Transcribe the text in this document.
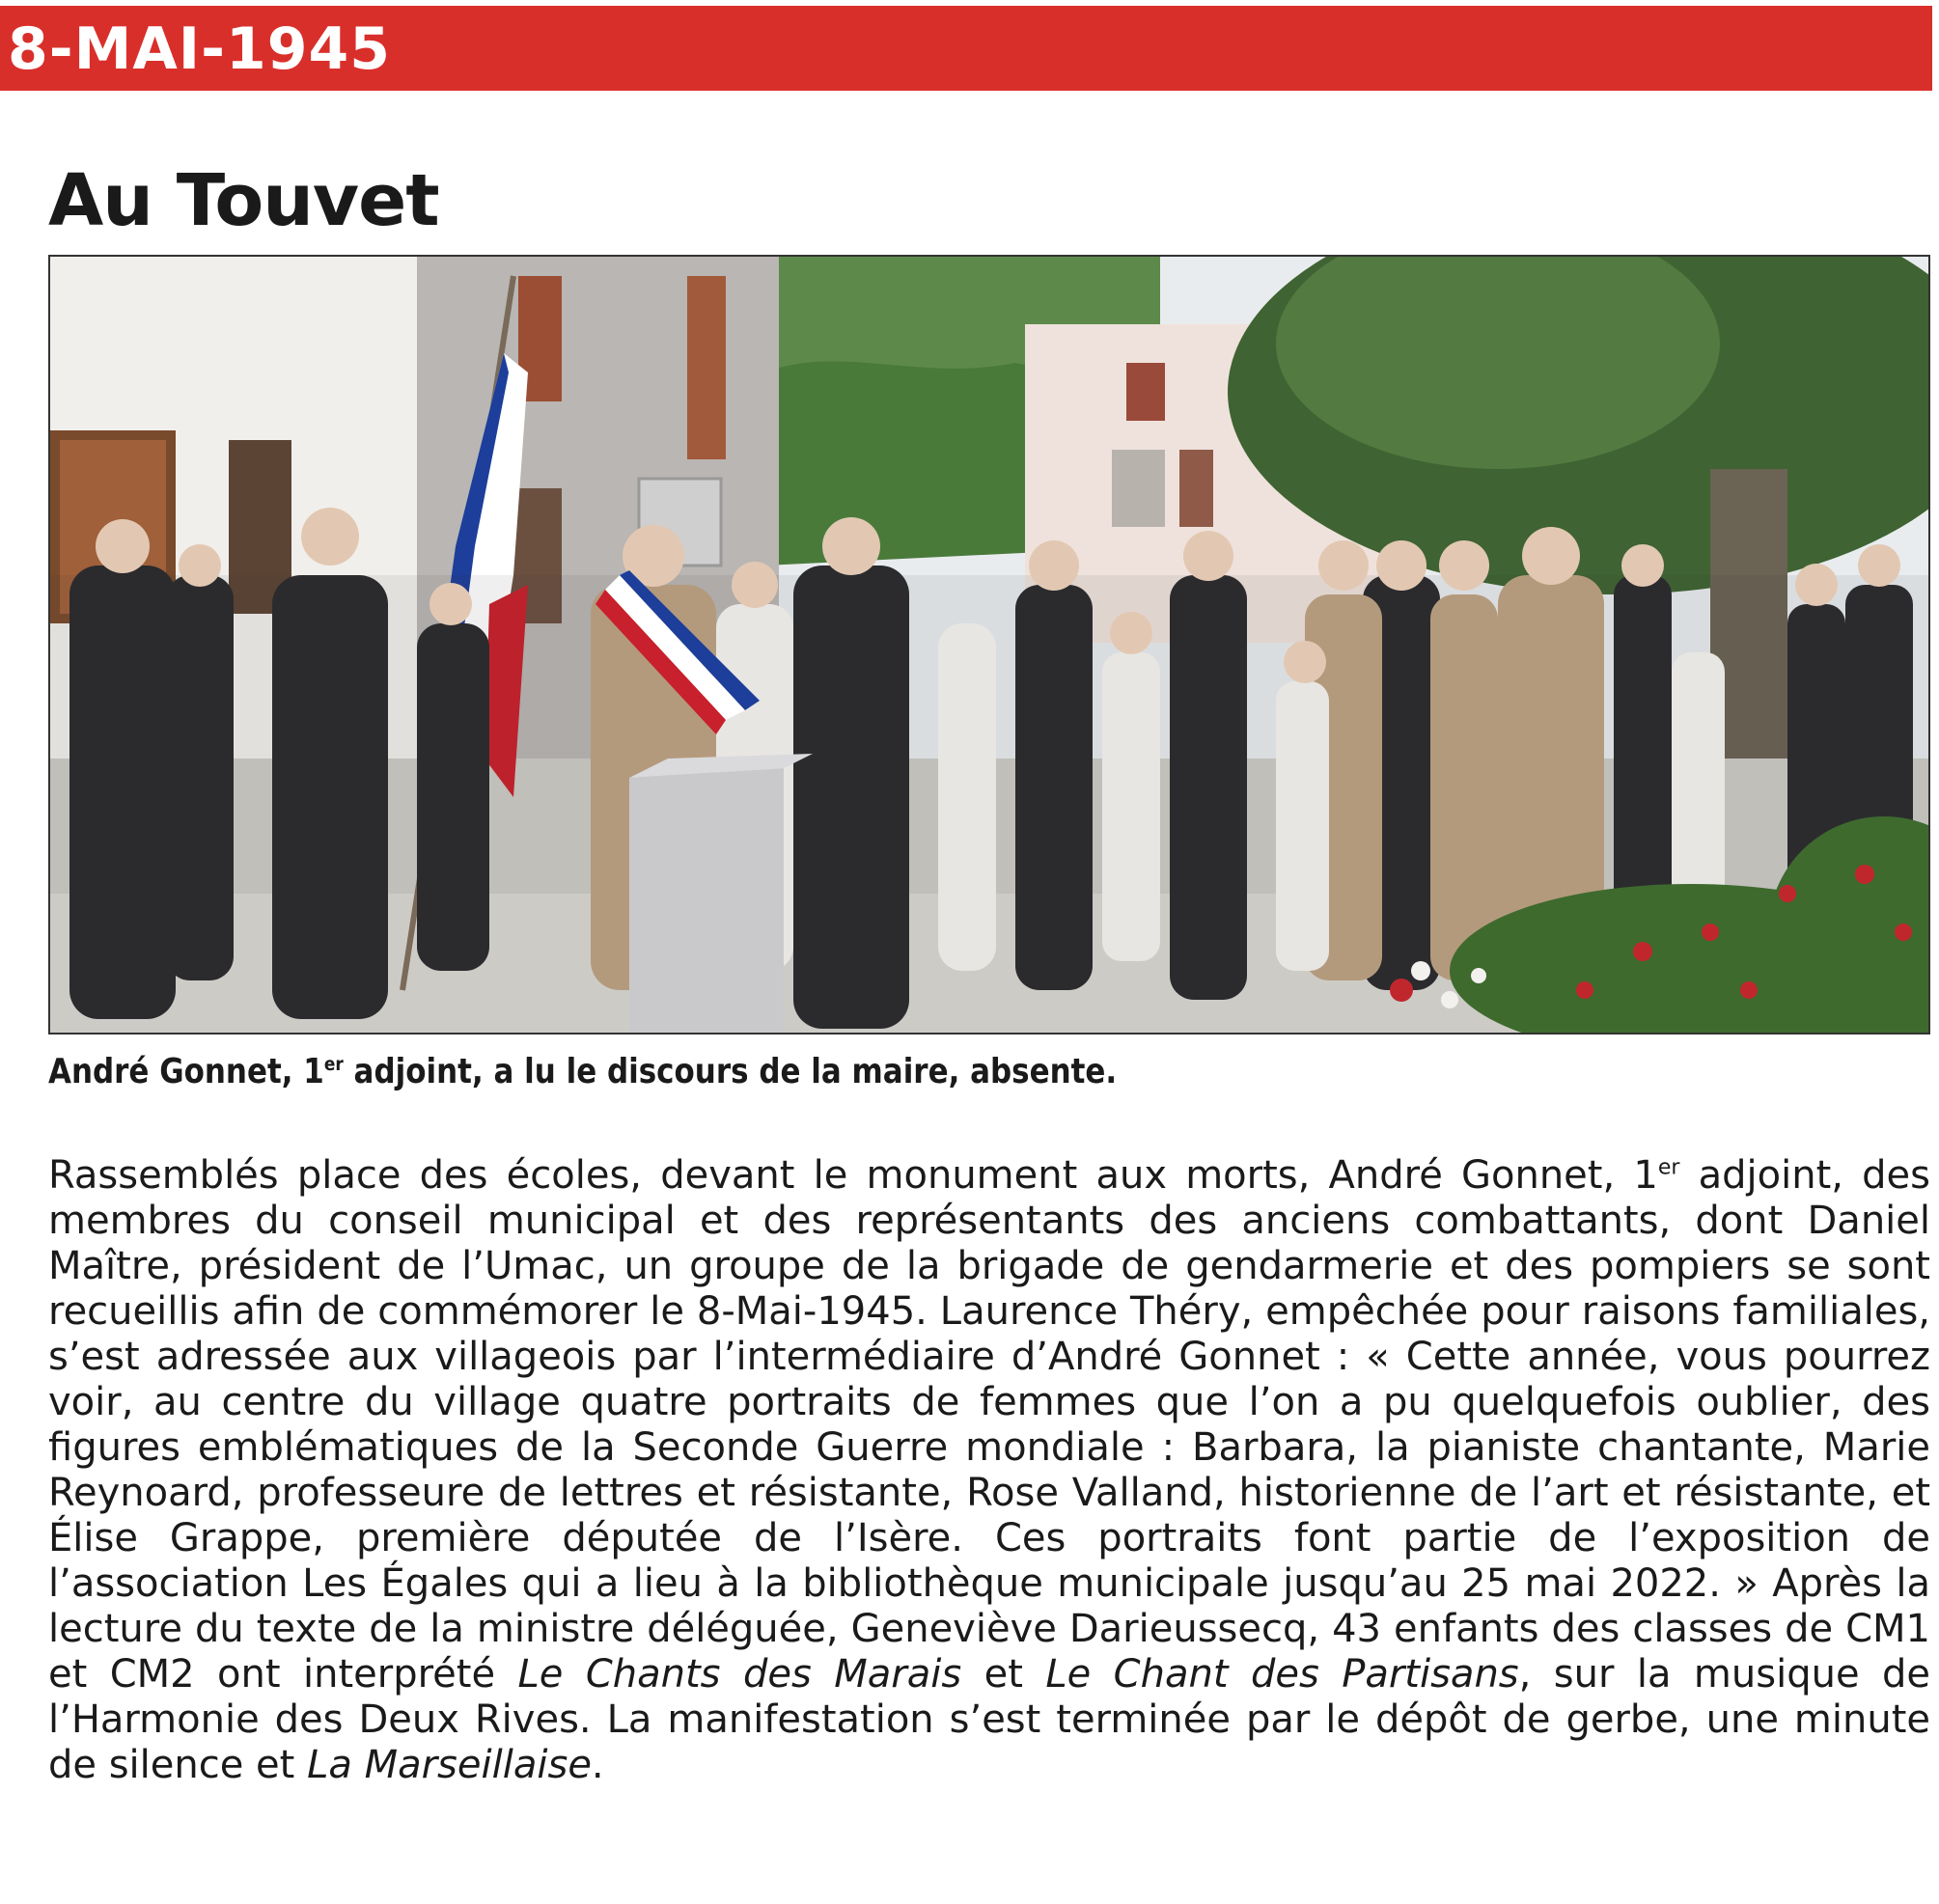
8-MAI-1945
Au Touvet
André Gonnet, 1er adjoint, a lu le discours de la maire, absente.
Rassemblés place des écoles, devant le monument aux morts, André Gonnet, 1er adjoint, des membres du conseil municipal et des représentants des anciens combattants, dont Daniel Maître, président de l’Umac, un groupe de la brigade de gendarmerie et des pompiers se sont recueillis afin de commémorer le 8-Mai-1945. Laurence Théry, empêchée pour raisons familiales, s’est adressée aux villageois par l’intermédiaire d’André Gonnet : « Cette année, vous pourrez voir, au centre du village quatre portraits de femmes que l’on a pu quelquefois oublier, des figures emblématiques de la Seconde Guerre mondiale : Barbara, la pianiste chantante, Marie Reynoard, professeure de lettres et résistante, Rose Valland, historienne de l’art et résistante, et Élise Grappe, première députée de l’Isère. Ces portraits font partie de l’exposition de l’association Les Égales qui a lieu à la bibliothèque municipale jusqu’au 25 mai 2022. » Après la lecture du texte de la ministre déléguée, Geneviève Darieussecq, 43 enfants des classes de CM1 et CM2 ont interprété Le Chants des Marais et Le Chant des Partisans, sur la musique de l’Harmonie des Deux Rives. La manifestation s’est terminée par le dépôt de gerbe, une minute de silence et La Marseillaise.
